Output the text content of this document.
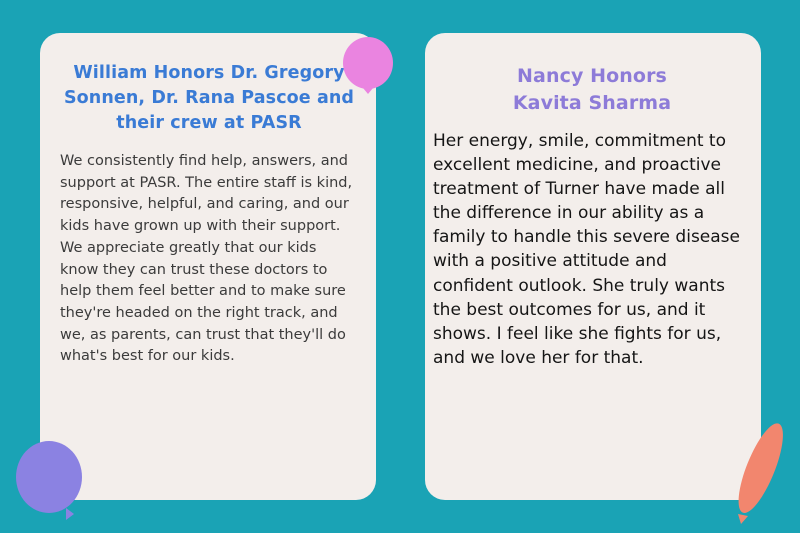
William Honors Dr. Gregory Sonnen, Dr. Rana Pascoe and their crew at PASR

We consistently find help, answers, and support at PASR. The entire staff is kind, responsive, helpful, and caring, and our kids have grown up with their support. We appreciate greatly that our kids know they can trust these doctors to help them feel better and to make sure they're headed on the right track, and we, as parents, can trust that they'll do what's best for our kids.

Nancy Honors Kavita Sharma

Her energy, smile, commitment to excellent medicine, and proactive treatment of Turner have made all the difference in our ability as a family to handle this severe disease with a positive attitude and confident outlook. She truly wants the best outcomes for us, and it shows. I feel like she fights for us, and we love her for that.
